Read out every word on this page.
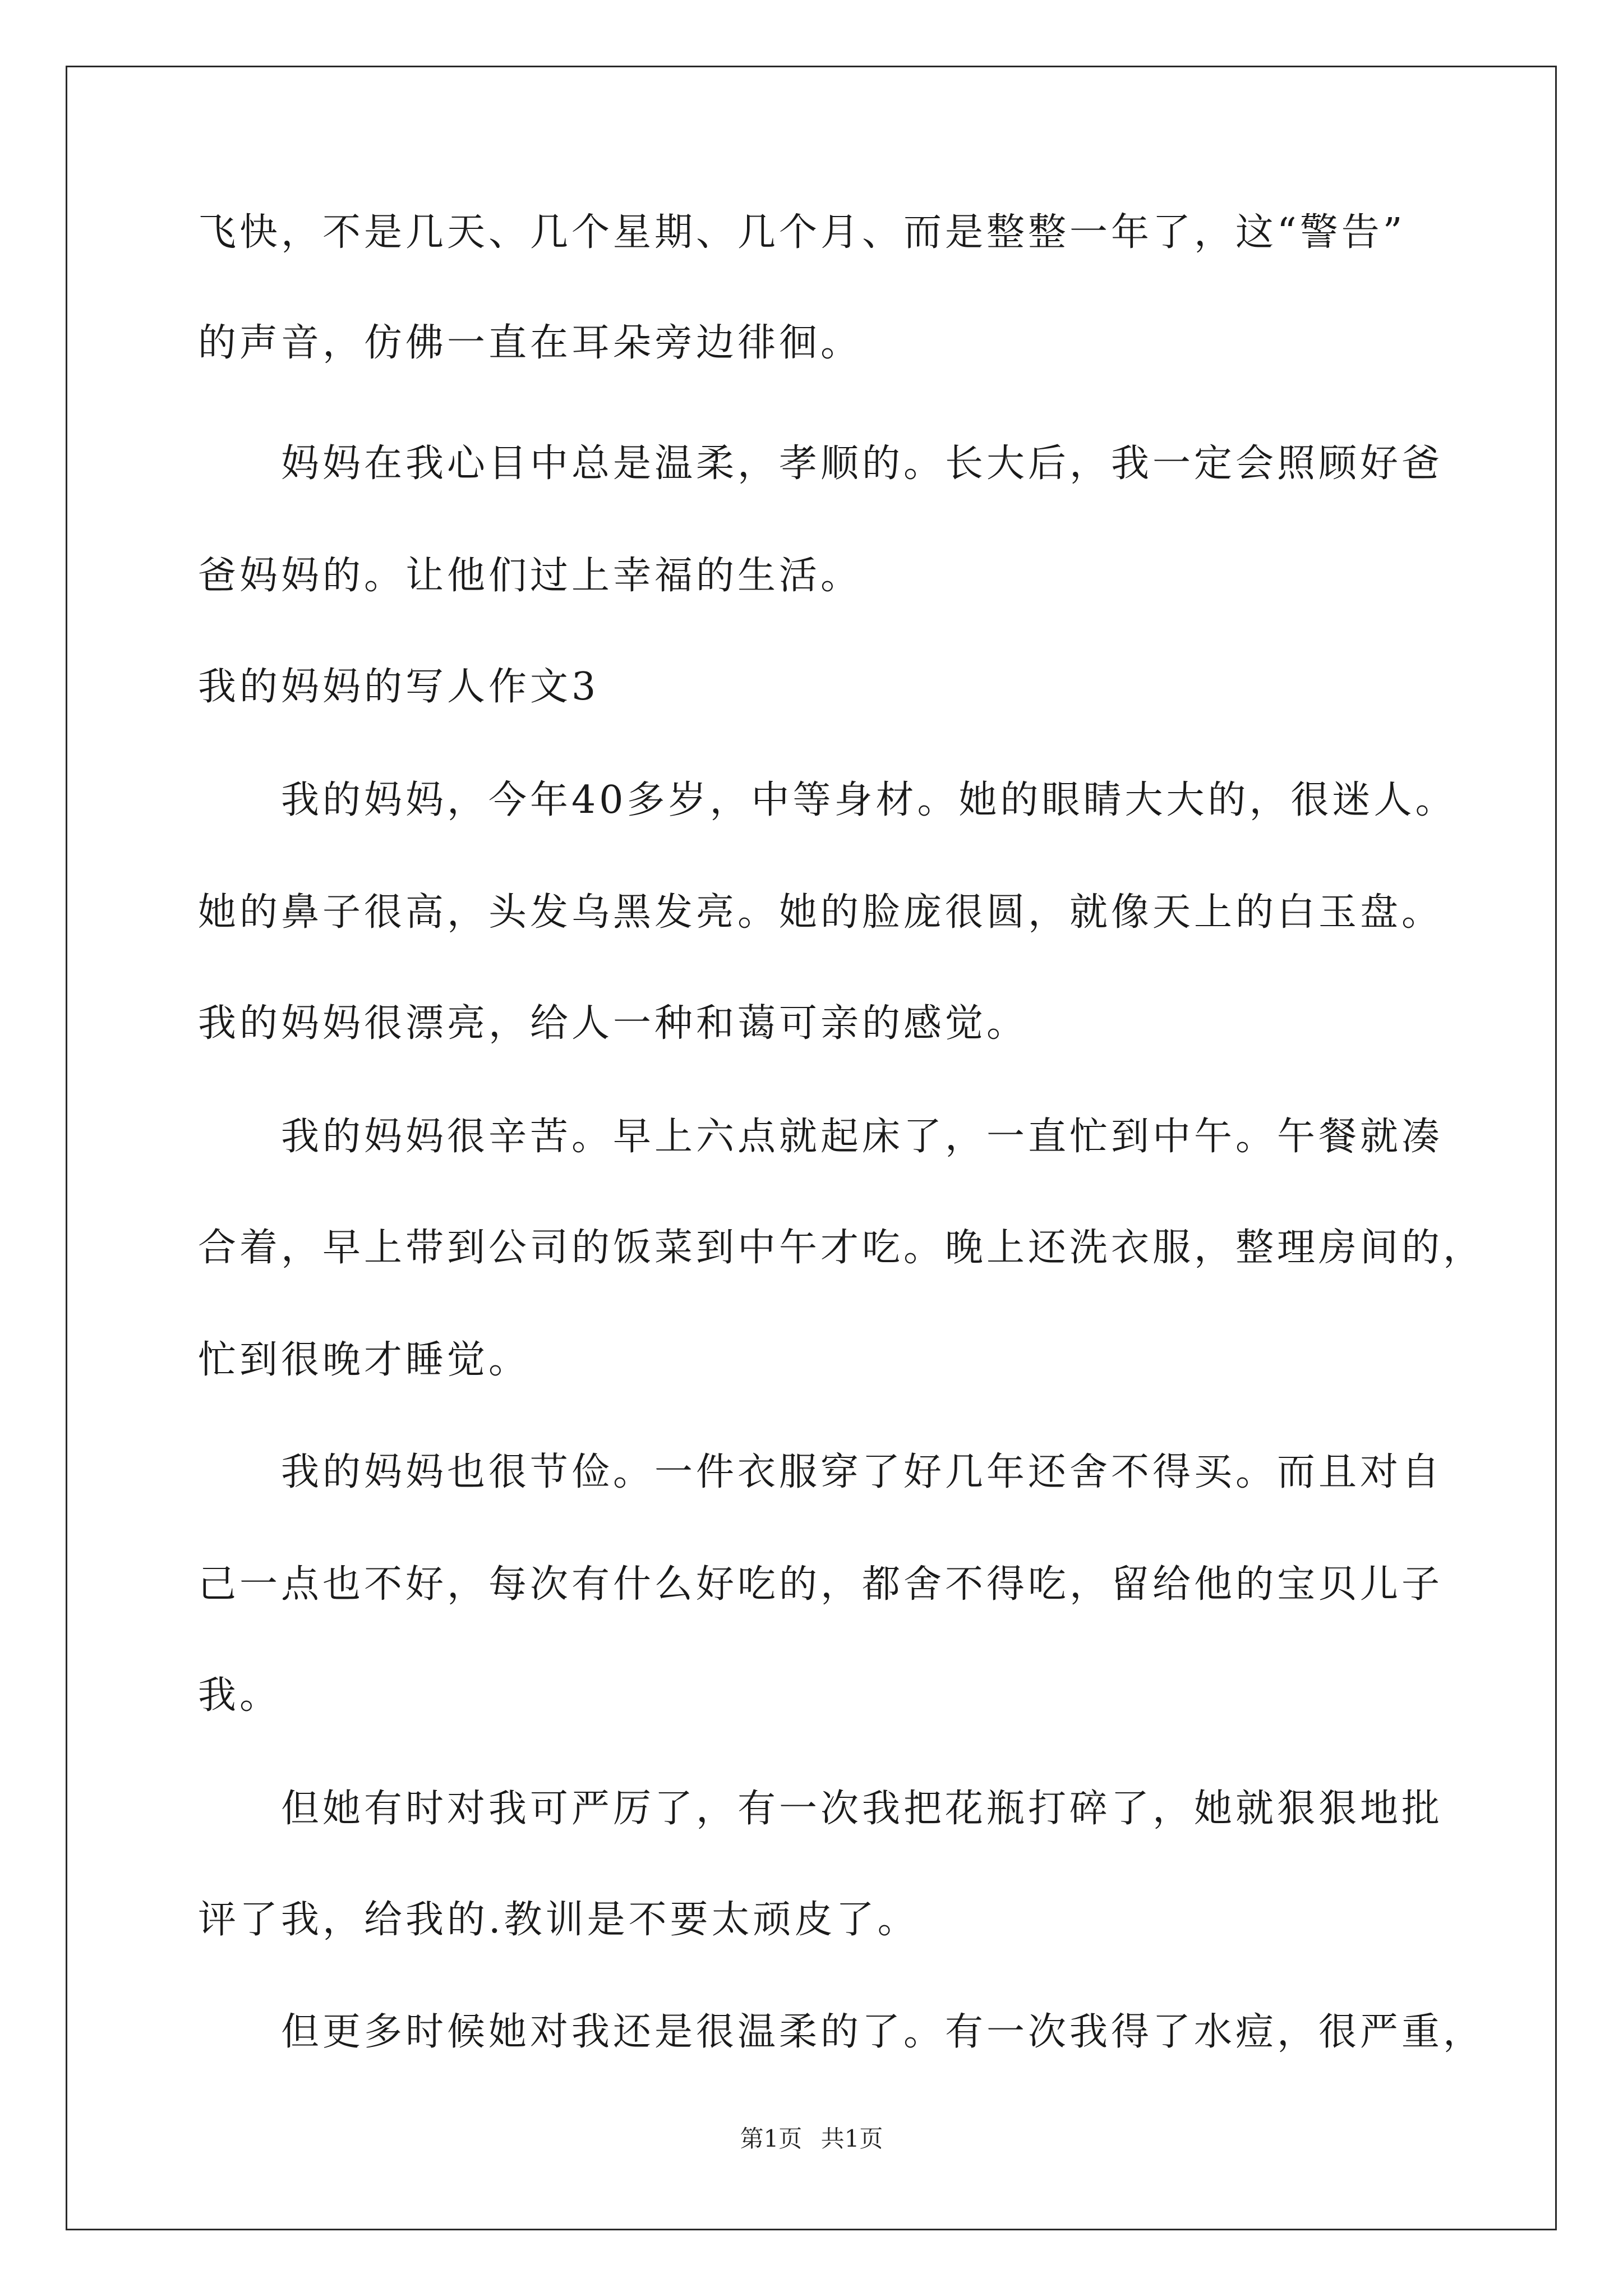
飞快，不是几天、几个星期、几个月、而是整整一年了，这“警告”
的声音，仿佛一直在耳朵旁边徘徊。
妈妈在我心目中总是温柔，孝顺的。长大后，我一定会照顾好爸
爸妈妈的。让他们过上幸福的生活。
我的妈妈的写人作文3
我的妈妈，今年40多岁，中等身材。她的眼睛大大的，很迷人。
她的鼻子很高，头发乌黑发亮。她的脸庞很圆，就像天上的白玉盘。
我的妈妈很漂亮，给人一种和蔼可亲的感觉。
我的妈妈很辛苦。早上六点就起床了，一直忙到中午。午餐就凑
合着，早上带到公司的饭菜到中午才吃。晚上还洗衣服，整理房间的，
忙到很晚才睡觉。
我的妈妈也很节俭。一件衣服穿了好几年还舍不得买。而且对自
己一点也不好，每次有什么好吃的，都舍不得吃，留给他的宝贝儿子
我。
但她有时对我可严厉了，有一次我把花瓶打碎了，她就狠狠地批
评了我，给我的.教训是不要太顽皮了。
但更多时候她对我还是很温柔的了。有一次我得了水痘，很严重，
第1页 共1页
